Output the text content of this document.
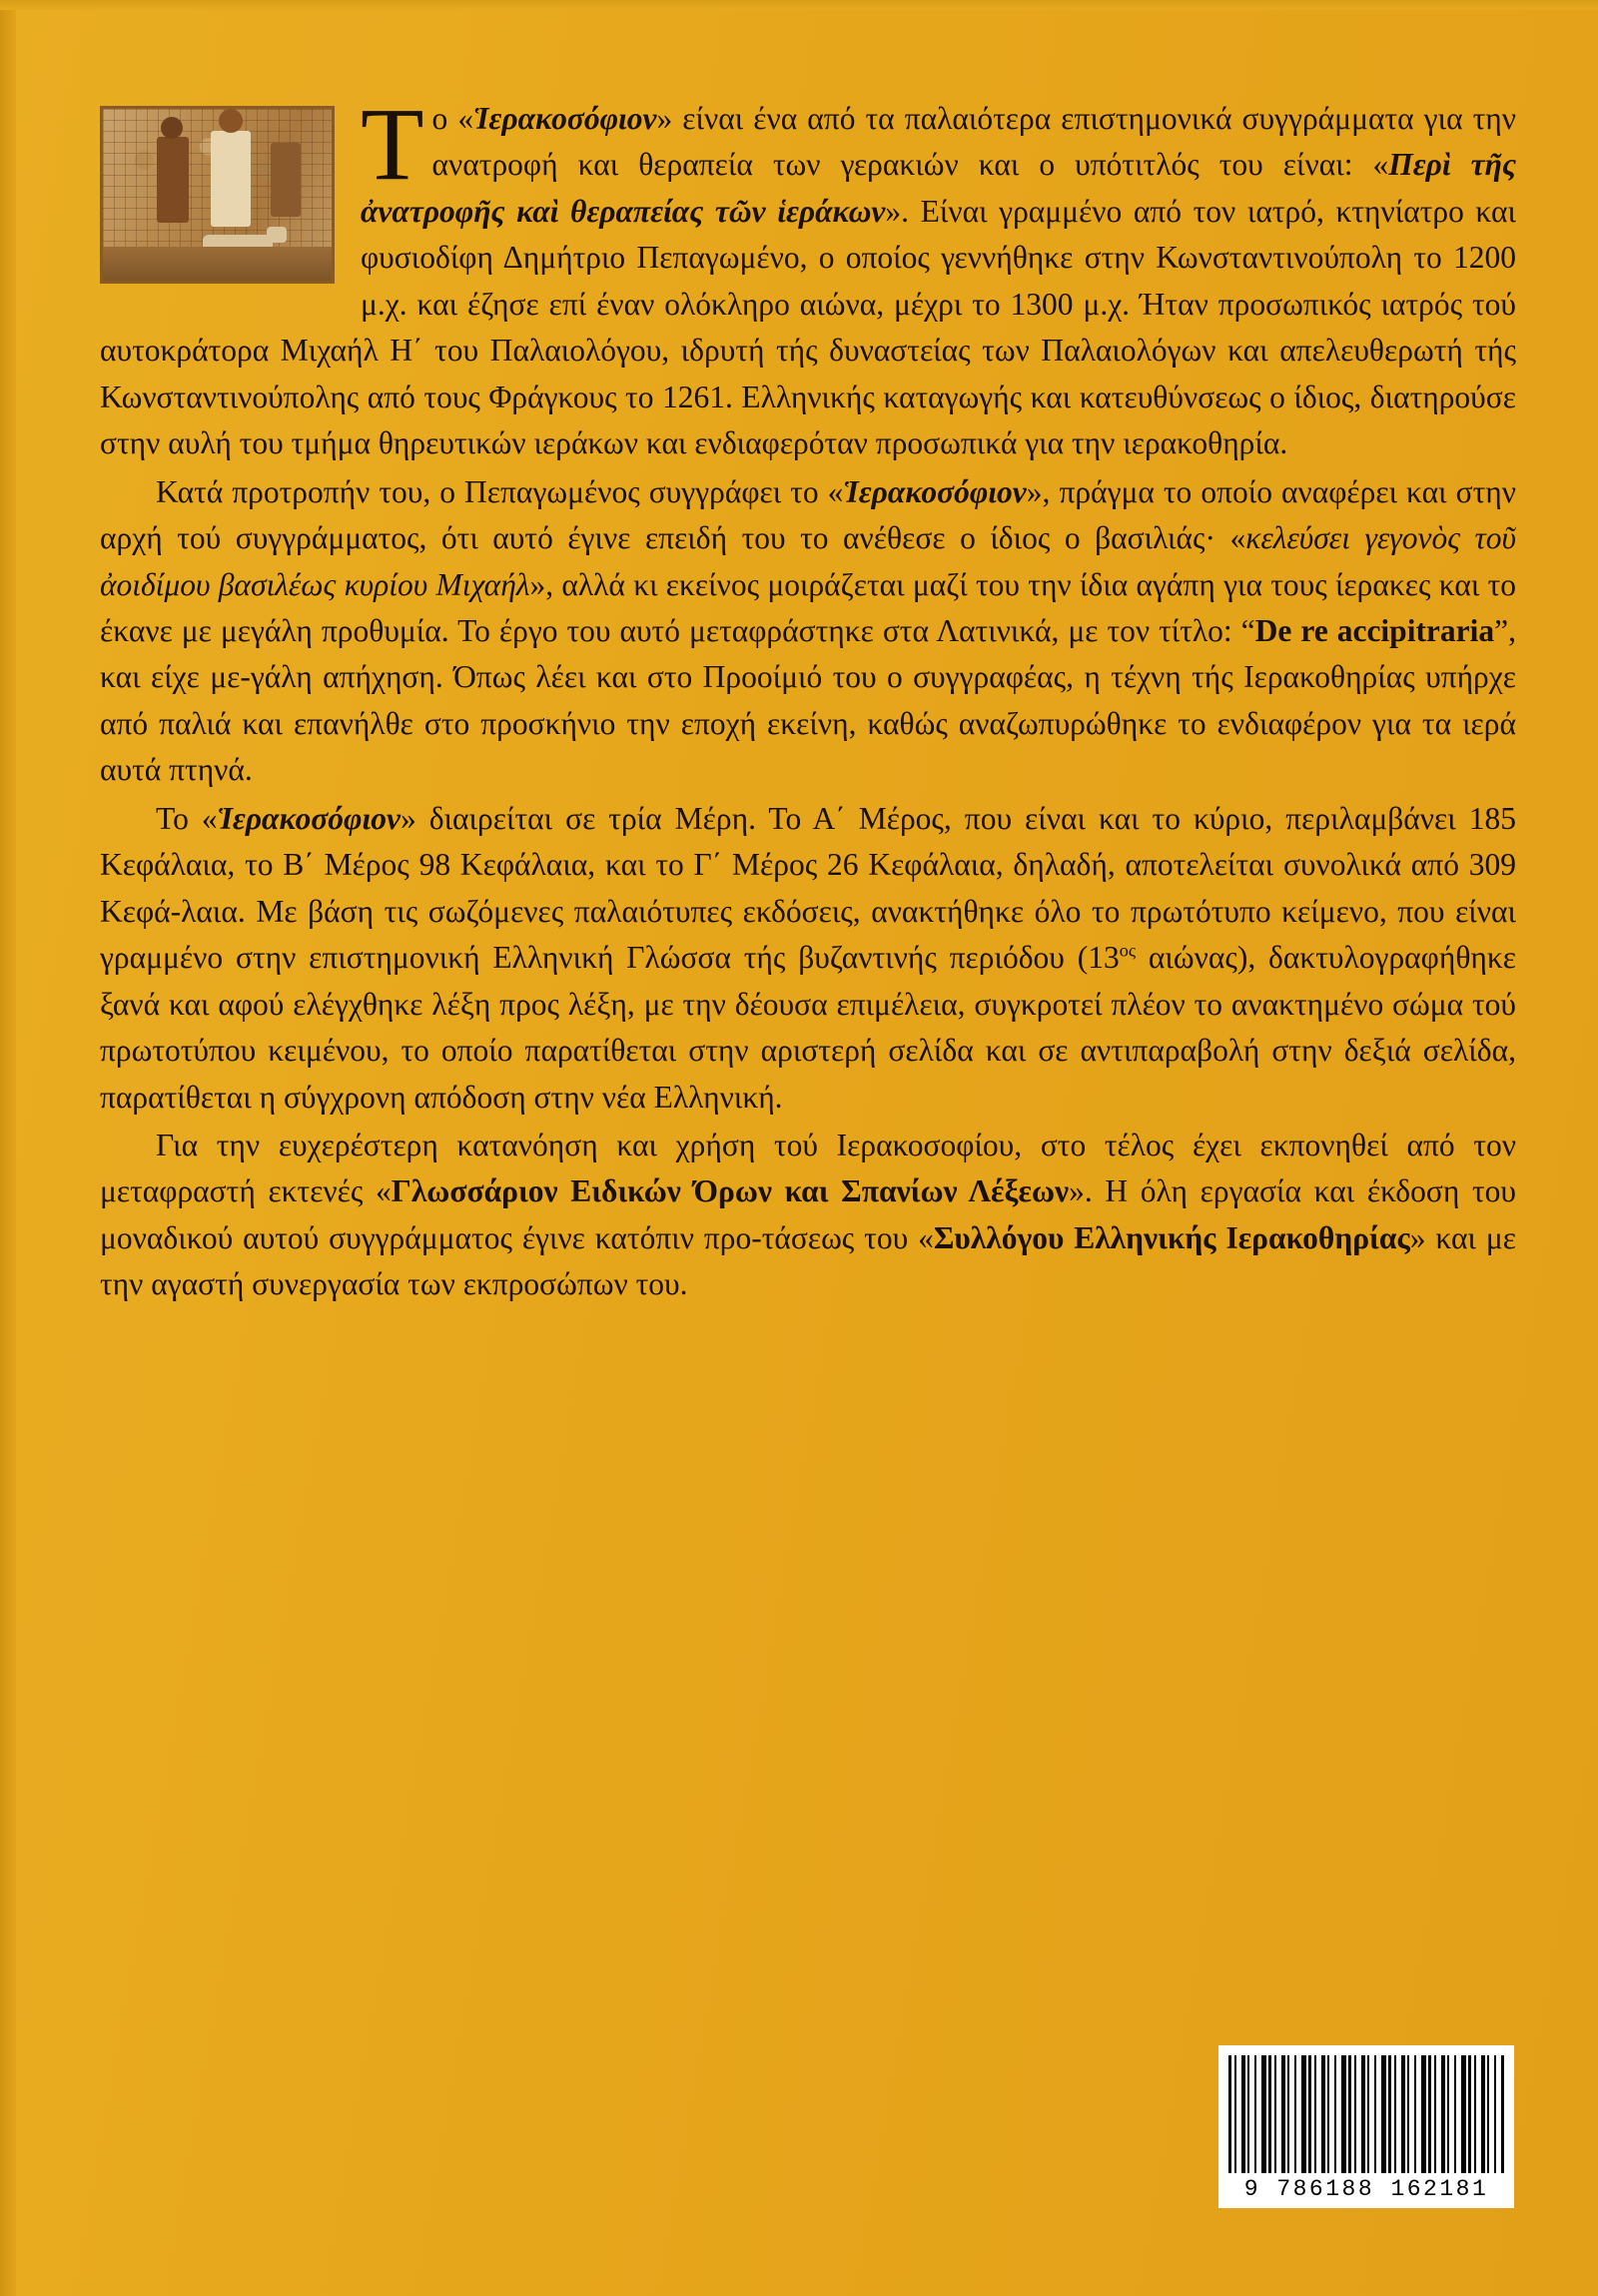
Το «Ἱερακοσόφιον» είναι ένα από τα παλαιότερα επιστημονικά συγγράμματα για την ανατροφή και θεραπεία των γερακιών και ο υπότιτλός του είναι: «Περὶ τῆς ἀνατροφῆς καὶ θεραπείας τῶν ἱεράκων». Είναι γραμμένο από τον ιατρό, κτηνίατρο και φυσιοδίφη Δημήτριο Πεπαγωμένο, ο οποίος γεννήθηκε στην Κωνσταντινούπολη το 1200 μ.χ. και έζησε επί έναν ολόκληρο αιώνα, μέχρι το 1300 μ.χ. Ήταν προσωπικός ιατρός τού αυτοκράτορα Μιχαήλ Η΄ του Παλαιολόγου, ιδρυτή τής δυναστείας των Παλαιολόγων και απελευθερωτή τής Κωνσταντινούπολης από τους Φράγκους το 1261. Ελληνικής καταγωγής και κατευθύνσεως ο ίδιος, διατηρούσε στην αυλή του τμήμα θηρευτικών ιεράκων και ενδιαφερόταν προσωπικά για την ιερακοθηρία.

Κατά προτροπήν του, ο Πεπαγωμένος συγγράφει το «Ἱερακοσόφιον», πράγμα το οποίο αναφέρει και στην αρχή τού συγγράμματος, ότι αυτό έγινε επειδή του το ανέθεσε ο ίδιος ο βασιλιάς· «κελεύσει γεγονὸς τοῦ ἀοιδίμου βασιλέως κυρίου Μιχαήλ», αλλά κι εκείνος μοιράζεται μαζί του την ίδια αγάπη για τους ίερακες και το έκανε με μεγάλη προθυμία. Το έργο του αυτό μεταφράστηκε στα Λατινικά, με τον τίτλο: “De re accipitraria”, και είχε με-γάλη απήχηση. Όπως λέει και στο Προοίμιό του ο συγγραφέας, η τέχνη τής Ιερακοθηρίας υπήρχε από παλιά και επανήλθε στο προσκήνιο την εποχή εκείνη, καθώς αναζωπυρώθηκε το ενδιαφέρον για τα ιερά αυτά πτηνά.

Το «Ἱερακοσόφιον» διαιρείται σε τρία Μέρη. Το Α΄ Μέρος, που είναι και το κύριο, περιλαμβάνει 185 Κεφάλαια, το Β΄ Μέρος 98 Κεφάλαια, και το Γ΄ Μέρος 26 Κεφάλαια, δηλαδή, αποτελείται συνολικά από 309 Κεφά-λαια. Με βάση τις σωζόμενες παλαιότυπες εκδόσεις, ανακτήθηκε όλο το πρωτότυπο κείμενο, που είναι γραμμένο στην επιστημονική Ελληνική Γλώσσα τής βυζαντινής περιόδου ($13^{o\varsigma}$ αιώνας), δακτυλογραφήθηκε ξανά και αφού ελέγχθηκε λέξη προς λέξη, με την δέουσα επιμέλεια, συγκροτεί πλέον το ανακτημένο σώμα τού πρωτοτύπου κειμένου, το οποίο παρατίθεται στην αριστερή σελίδα και σε αντιπαραβολή στην δεξιά σελίδα, παρατίθεται η σύγχρονη απόδοση στην νέα Ελληνική.

Για την ευχερέστερη κατανόηση και χρήση τού Ιερακοσοφίου, στο τέλος έχει εκπονηθεί από τον μεταφραστή εκτενές «Γλωσσάριον Ειδικών Όρων και Σπανίων Λέξεων». Η όλη εργασία και έκδοση του μοναδικού αυτού συγγράμματος έγινε κατόπιν προ-τάσεως του «Συλλόγου Ελληνικής Ιερακοθηρίας» και με την αγαστή συνεργασία των εκπροσώπων του.

9 786188 162181
